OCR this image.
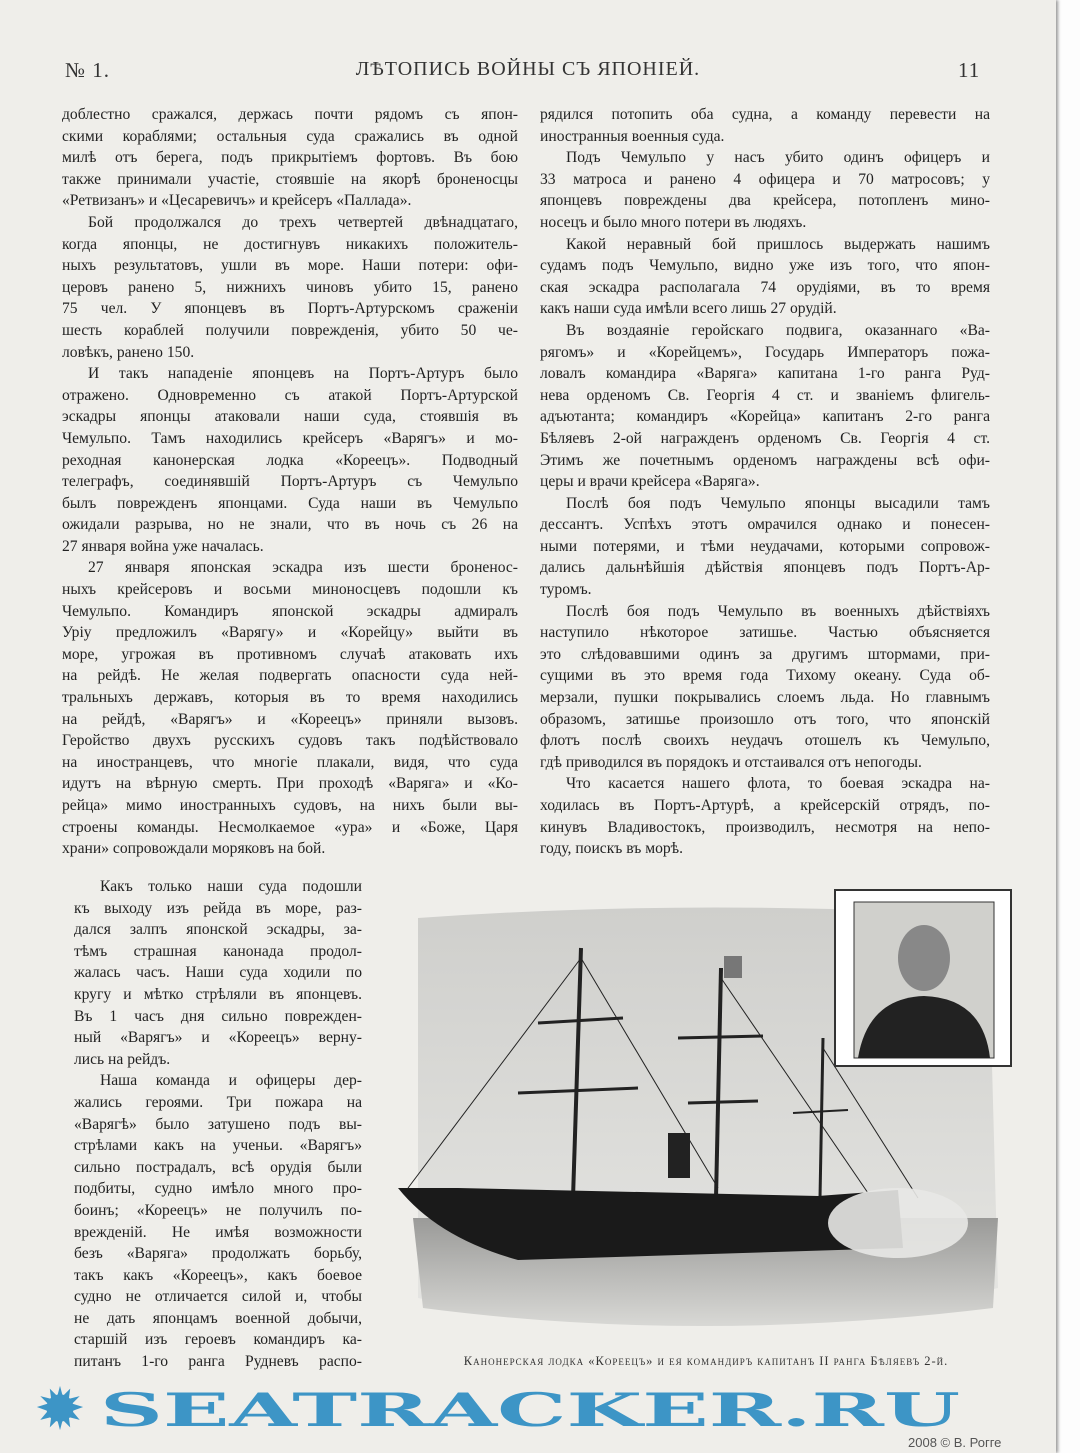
№ 1.	ЛѢТОПИСЬ ВОЙНЫ СЪ ЯПОНІЕЙ.	11
доблестно сражался, держась почти рядомъ съ япон-
скими кораблями; остальныя суда сражались въ одной
милѣ отъ берега, подъ прикрытіемъ фортовъ. Въ бою
также принимали участіе, стоявшіе на якорѣ броненосцы
«Ретвизанъ» и «Цесаревичъ» и крейсеръ «Паллада».
Бой продолжался до трехъ четвертей двѣнадцатаго,
когда японцы, не достигнувъ никакихъ положитель-
ныхъ результатовъ, ушли въ море. Наши потери: офи-
церовъ ранено 5, нижнихъ чиновъ убито 15, ранено
75 чел. У японцевъ въ Портъ-Артурскомъ сраженіи
шесть кораблей получили поврежденія, убито 50 че-
ловѣкъ, ранено 150.
И такъ нападеніе японцевъ на Портъ-Артуръ было
отражено. Одновременно съ атакой Портъ-Артурской
эскадры японцы атаковали наши суда, стоявшія въ
Чемульпо. Тамъ находились крейсеръ «Варягъ» и мо-
реходная канонерская лодка «Кореецъ». Подводный
телеграфъ, соединявшій Портъ-Артуръ съ Чемульпо
былъ поврежденъ японцами. Суда наши въ Чемульпо
ожидали разрыва, но не знали, что въ ночь съ 26 на
27 января война уже началась.
27 января японская эскадра изъ шести броненос-
ныхъ крейсеровъ и восьми миноносцевъ подошли къ
Чемульпо. Командиръ японской эскадры адмиралъ
Уріу предложилъ «Варягу» и «Корейцу» выйти въ
море, угрожая въ противномъ случаѣ атаковать ихъ
на рейдѣ. Не желая подвергать опасности суда ней-
тральныхъ державъ, которыя въ то время находились
на рейдѣ, «Варягъ» и «Кореецъ» приняли вызовъ.
Геройство двухъ русскихъ судовъ такъ подѣйствовало
на иностранцевъ, что многіе плакали, видя, что суда
идутъ на вѣрную смерть. При проходѣ «Варяга» и «Ко-
рейца» мимо иностранныхъ судовъ, на нихъ были вы-
строены команды. Несмолкаемое «ура» и «Боже, Царя
храни» сопровождали моряковъ на бой.
Какъ только наши суда подошли
къ выходу изъ рейда въ море, раз-
дался залпъ японской эскадры, за-
тѣмъ страшная канонада продол-
жалась часъ. Наши суда ходили по
кругу и мѣтко стрѣляли въ японцевъ.
Въ 1 часъ дня сильно поврежден-
ный «Варягъ» и «Кореецъ» верну-
лись на рейдъ.
Наша команда и офицеры дер-
жались героями. Три пожара на
«Варягѣ» было затушено подъ вы-
стрѣлами какъ на ученьи. «Варягъ»
сильно пострадалъ, всѣ орудія были
подбиты, судно имѣло много про-
боинъ; «Кореецъ» не получилъ по-
врежденій. Не имѣя возможности
безъ «Варяга» продолжать борьбу,
такъ какъ «Кореецъ», какъ боевое
судно не отличается силой и, чтобы
не дать японцамъ военной добычи,
старшій изъ героевъ командиръ ка-
питанъ 1-го ранга Рудневъ распо-
рядился потопить оба судна, а команду перевести на
иностранныя военныя суда.
Подъ Чемульпо у насъ убито одинъ офицеръ и
33 матроса и ранено 4 офицера и 70 матросовъ; у
японцевъ повреждены два крейсера, потопленъ мино-
носецъ и было много потери въ людяхъ.
Какой неравный бой пришлось выдержать нашимъ
судамъ подъ Чемульпо, видно уже изъ того, что япон-
ская эскадра располагала 74 орудіями, въ то время
какъ наши суда имѣли всего лишь 27 орудій.
Въ воздаяніе геройскаго подвига, оказаннаго «Ва-
рягомъ» и «Корейцемъ», Государь Императоръ пожа-
ловалъ командира «Варяга» капитана 1-го ранга Руд-
нева орденомъ Св. Георгія 4 ст. и званіемъ флигель-
адъютанта; командиръ «Корейца» капитанъ 2-го ранга
Бѣляевъ 2-ой награжденъ орденомъ Св. Георгія 4 ст.
Этимъ же почетнымъ орденомъ награждены всѣ офи-
церы и врачи крейсера «Варяга».
Послѣ боя подъ Чемульпо японцы высадили тамъ
дессантъ. Успѣхъ этотъ омрачился однако и понесен-
ными потерями, и тѣми неудачами, которыми сопровож-
дались дальнѣйшія дѣйствія японцевъ подъ Портъ-Ар-
туромъ.
Послѣ боя подъ Чемульпо въ военныхъ дѣйствіяхъ
наступило нѣкоторое затишье. Частью объясняется
это слѣдовавшими одинъ за другимъ штормами, при-
сущими въ это время года Тихому океану. Суда об-
мерзали, пушки покрывались слоемъ льда. Но главнымъ
образомъ, затишье произошло отъ того, что японскій
флотъ послѣ своихъ неудачъ отошелъ къ Чемульпо,
гдѣ приводился въ порядокъ и отстаивался отъ непогоды.
Что касается нашего флота, то боевая эскадра на-
ходилась въ Портъ-Артурѣ, а крейсерскій отрядъ, по-
кинувъ Владивостокъ, производилъ, несмотря на непо-
году, поискъ въ морѣ.
Канонерская лодка «Кореецъ» и ея командиръ капитанъ II ранга Бѣляевъ 2-й.
SEATRACKER.RU
2008 © В. Рогге
